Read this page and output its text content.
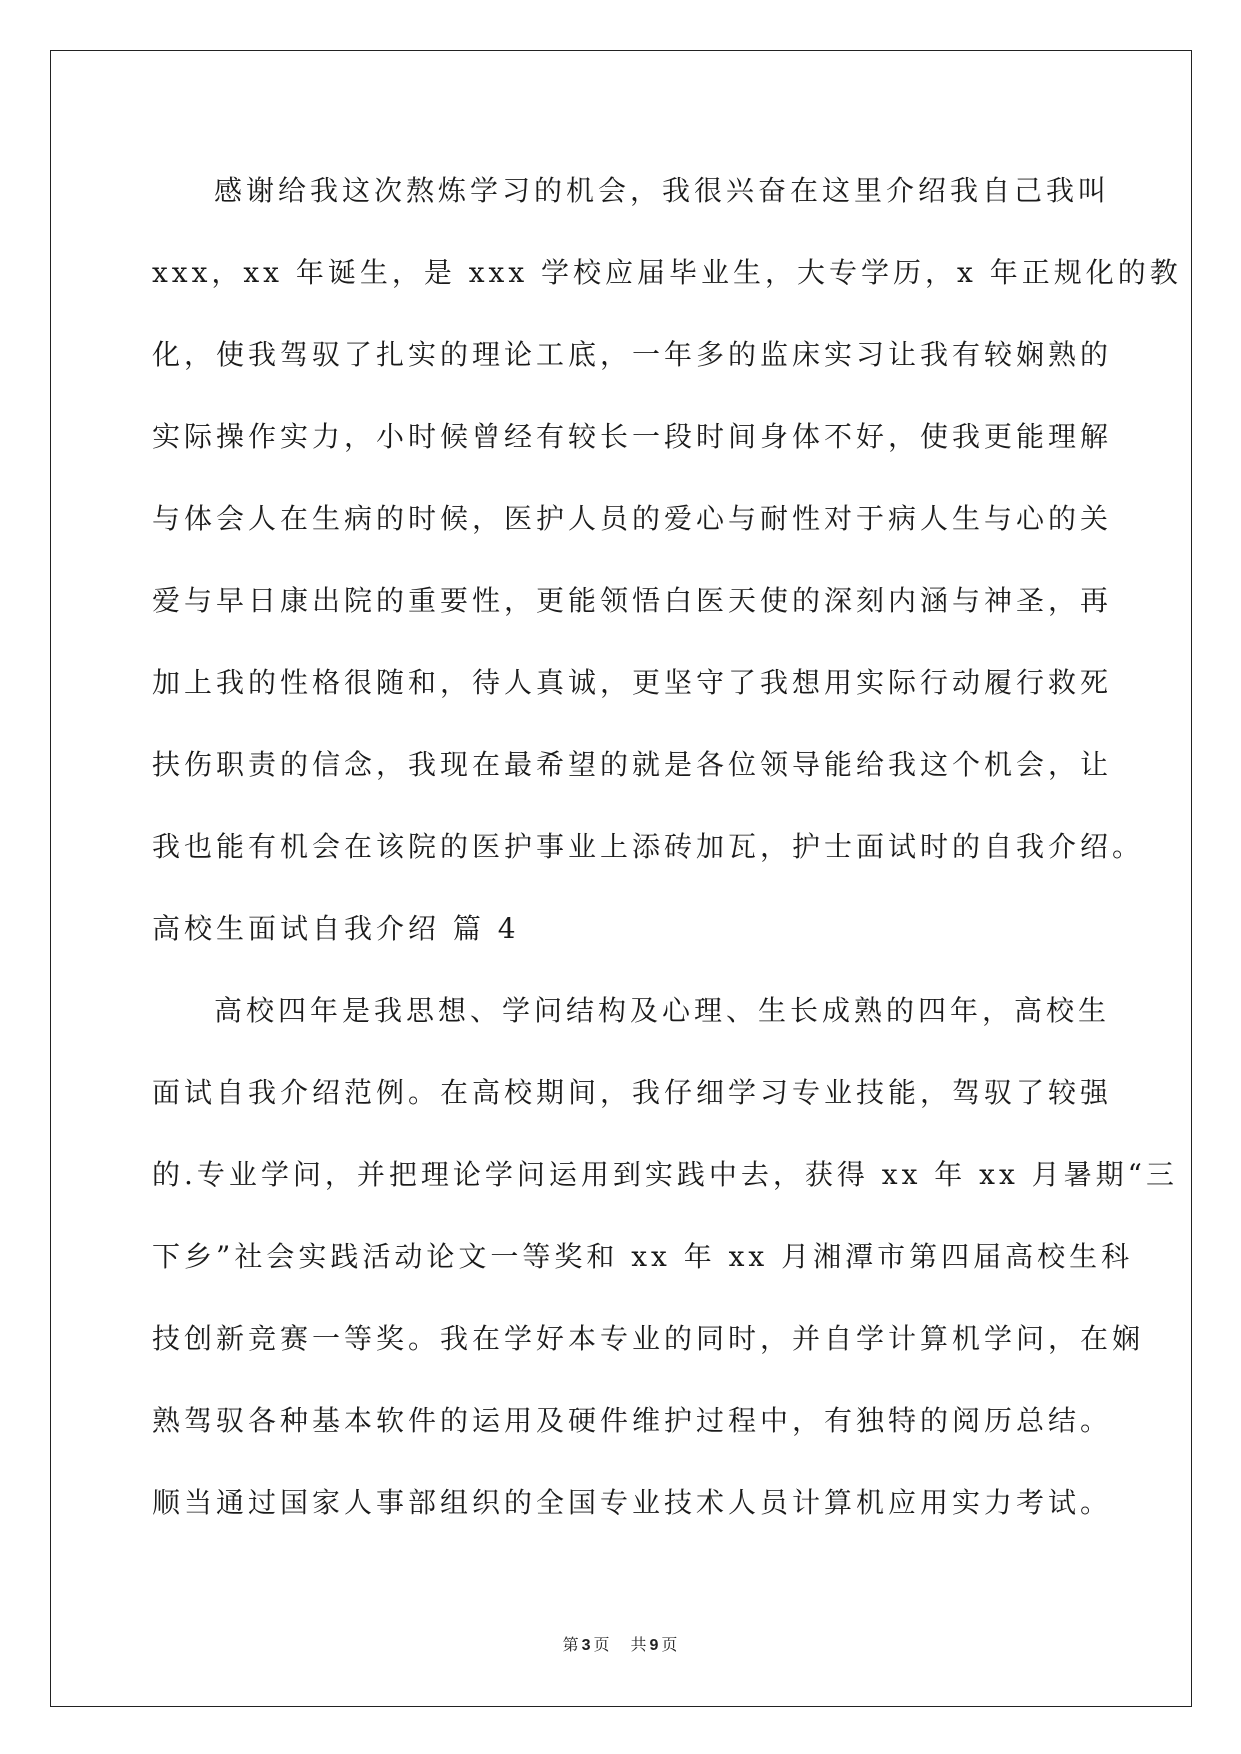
感谢给我这次熬炼学习的机会，我很兴奋在这里介绍我自己我叫
xxx，xx 年诞生，是 xxx 学校应届毕业生，大专学历，x 年正规化的教
化，使我驾驭了扎实的理论工底，一年多的监床实习让我有较娴熟的
实际操作实力，小时候曾经有较长一段时间身体不好，使我更能理解
与体会人在生病的时候，医护人员的爱心与耐性对于病人生与心的关
爱与早日康出院的重要性，更能领悟白医天使的深刻内涵与神圣，再
加上我的性格很随和，待人真诚，更坚守了我想用实际行动履行救死
扶伤职责的信念，我现在最希望的就是各位领导能给我这个机会，让
我也能有机会在该院的医护事业上添砖加瓦，护士面试时的自我介绍。
高校生面试自我介绍 篇 4
高校四年是我思想、学问结构及心理、生长成熟的四年，高校生
面试自我介绍范例。在高校期间，我仔细学习专业技能，驾驭了较强
的.专业学问，并把理论学问运用到实践中去，获得 xx 年 xx 月暑期“三
下乡”社会实践活动论文一等奖和 xx 年 xx 月湘潭市第四届高校生科
技创新竞赛一等奖。我在学好本专业的同时，并自学计算机学问，在娴
熟驾驭各种基本软件的运用及硬件维护过程中，有独特的阅历总结。
顺当通过国家人事部组织的全国专业技术人员计算机应用实力考试。
第 3 页 共 9 页
